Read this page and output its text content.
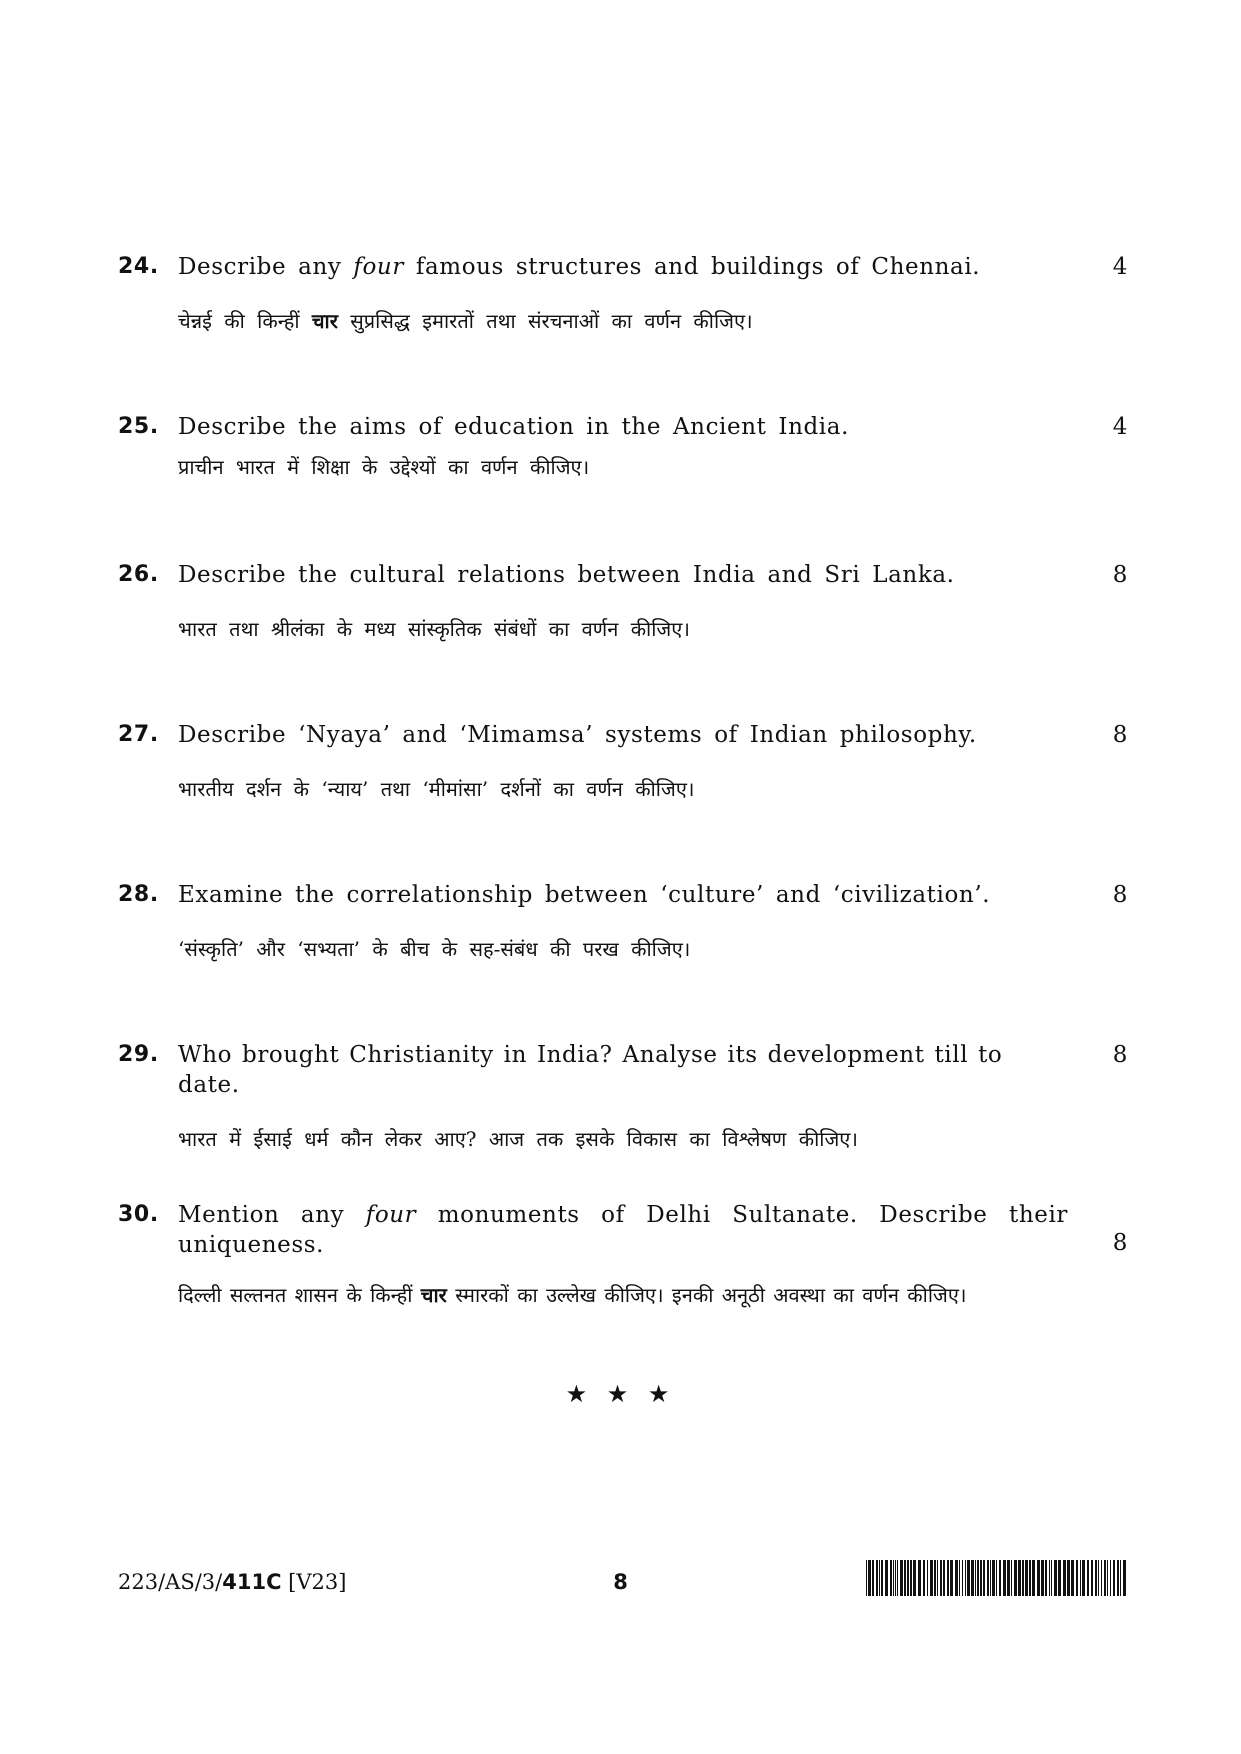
24. Describe any four famous structures and buildings of Chennai.	4
चेन्नई की किन्हीं चार सुप्रसिद्ध इमारतों तथा संरचनाओं का वर्णन कीजिए।
25. Describe the aims of education in the Ancient India.	4
प्राचीन भारत में शिक्षा के उद्देश्यों का वर्णन कीजिए।
26. Describe the cultural relations between India and Sri Lanka.	8
भारत तथा श्रीलंका के मध्य सांस्कृतिक संबंधों का वर्णन कीजिए।
27. Describe ‘Nyaya’ and ‘Mimamsa’ systems of Indian philosophy.	8
भारतीय दर्शन के ‘न्याय’ तथा ‘मीमांसा’ दर्शनों का वर्णन कीजिए।
28. Examine the correlationship between ‘culture’ and ‘civilization’.	8
‘संस्कृति’ और ‘सभ्यता’ के बीच के सह-संबंध की परख कीजिए।
29. Who brought Christianity in India? Analyse its development till to date.
8
भारत में ईसाई धर्म कौन लेकर आए? आज तक इसके विकास का विश्लेषण कीजिए।
30. Mention any four monuments of Delhi Sultanate. Describe their
uniqueness.	8
दिल्ली सल्तनत शासन के किन्हीं चार स्मारकों का उल्लेख कीजिए। इनकी अनूठी अवस्था का वर्णन कीजिए।
★ ★ ★
223/AS/3/411C [V23]	8
